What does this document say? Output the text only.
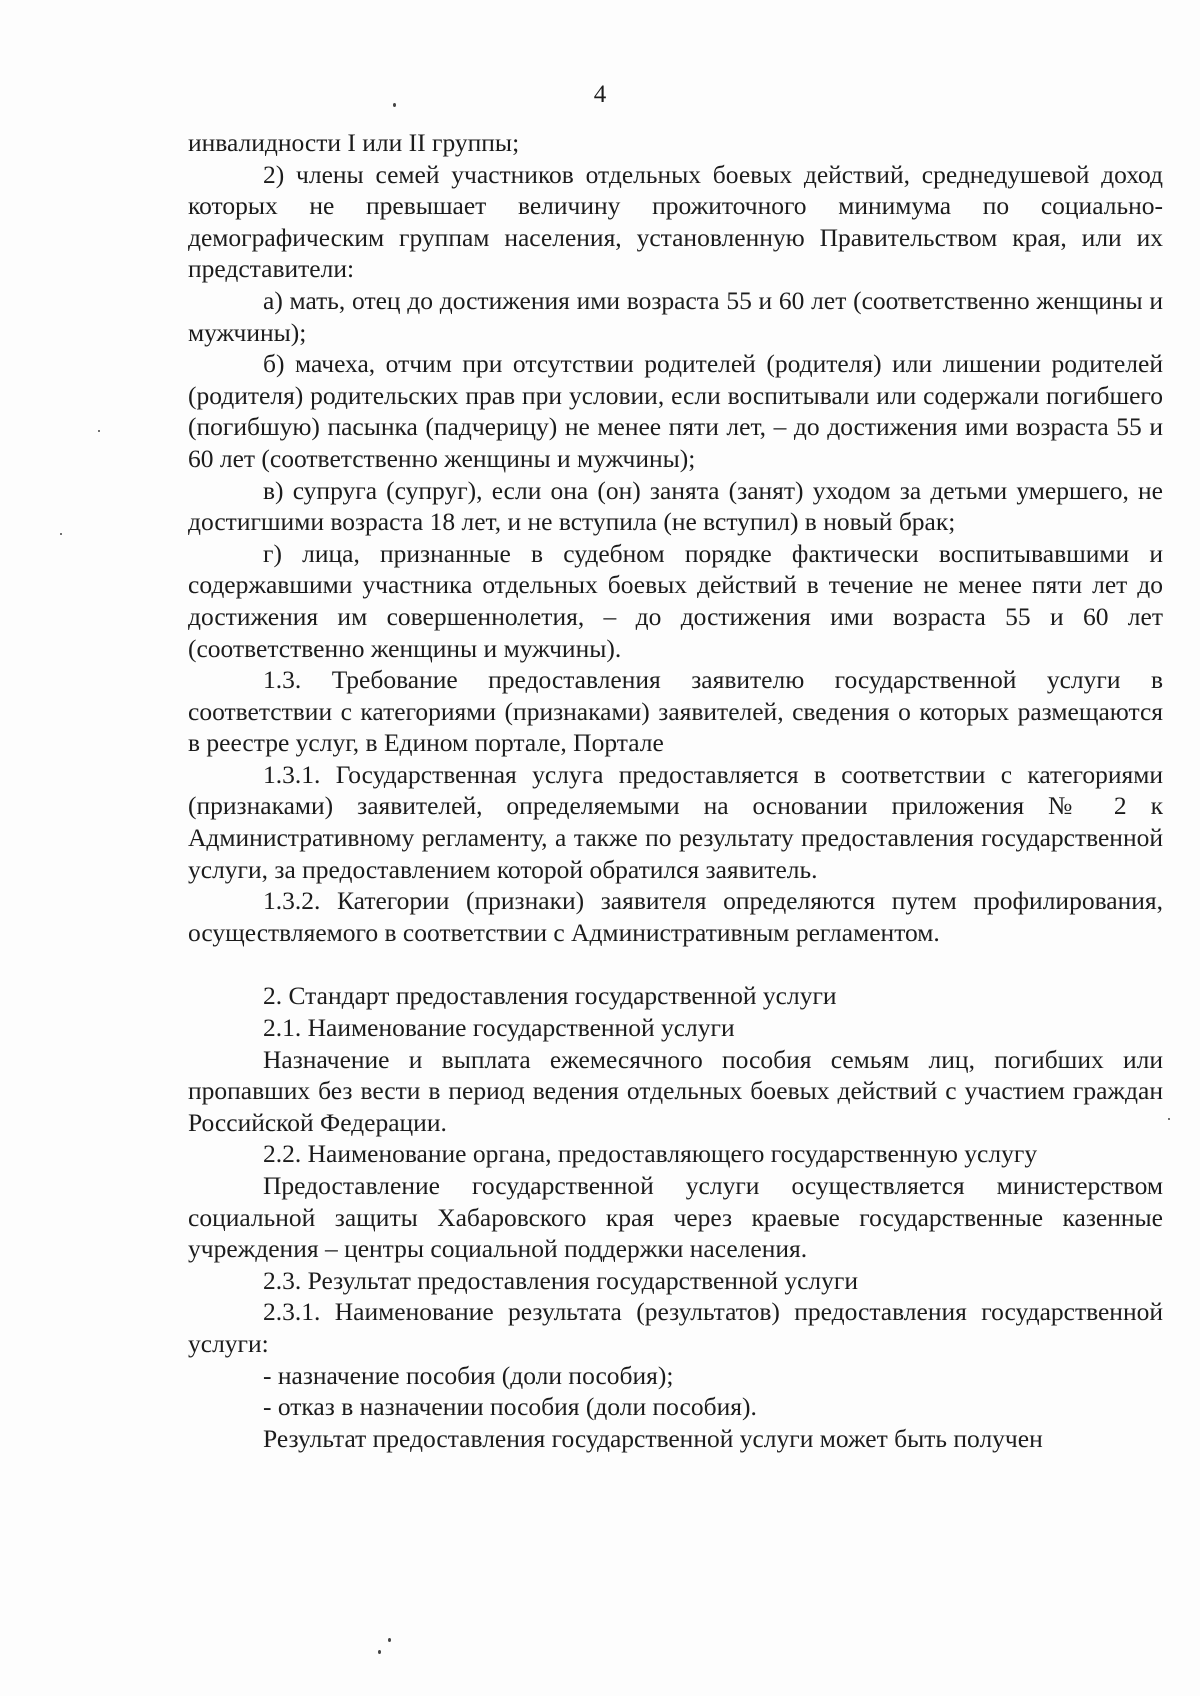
4

инвалидности I или II группы;

2) члены семей участников отдельных боевых действий, среднедушевой доход которых не превышает величину прожиточного минимума по социально-демографическим группам населения, установленную Правительством края, или их представители:

а) мать, отец до достижения ими возраста 55 и 60 лет (соответственно женщины и мужчины);

б) мачеха, отчим при отсутствии родителей (родителя) или лишении родителей (родителя) родительских прав при условии, если воспитывали или содержали погибшего (погибшую) пасынка (падчерицу) не менее пяти лет, – до достижения ими возраста 55 и 60 лет (соответственно женщины и мужчины);

в) супруга (супруг), если она (он) занята (занят) уходом за детьми умершего, не достигшими возраста 18 лет, и не вступила (не вступил) в новый брак;

г) лица, признанные в судебном порядке фактически воспитывавшими и содержавшими участника отдельных боевых действий в течение не менее пяти лет до достижения им совершеннолетия, – до достижения ими возраста 55 и 60 лет (соответственно женщины и мужчины).

1.3. Требование предоставления заявителю государственной услуги в соответствии с категориями (признаками) заявителей, сведения о которых размещаются в реестре услуг, в Едином портале, Портале

1.3.1. Государственная услуга предоставляется в соответствии с категориями (признаками) заявителей, определяемыми на основании приложения № 2 к Административному регламенту, а также по результату предоставления государственной услуги, за предоставлением которой обратился заявитель.

1.3.2. Категории (признаки) заявителя определяются путем профилирования, осуществляемого в соответствии с Административным регламентом.

2. Стандарт предоставления государственной услуги

2.1. Наименование государственной услуги

Назначение и выплата ежемесячного пособия семьям лиц, погибших или пропавших без вести в период ведения отдельных боевых действий с участием граждан Российской Федерации.

2.2. Наименование органа, предоставляющего государственную услугу

Предоставление государственной услуги осуществляется министерством социальной защиты Хабаровского края через краевые государственные казенные учреждения – центры социальной поддержки населения.

2.3. Результат предоставления государственной услуги

2.3.1. Наименование результата (результатов) предоставления государственной услуги:

- назначение пособия (доли пособия);

- отказ в назначении пособия (доли пособия).

Результат предоставления государственной услуги может быть получен
